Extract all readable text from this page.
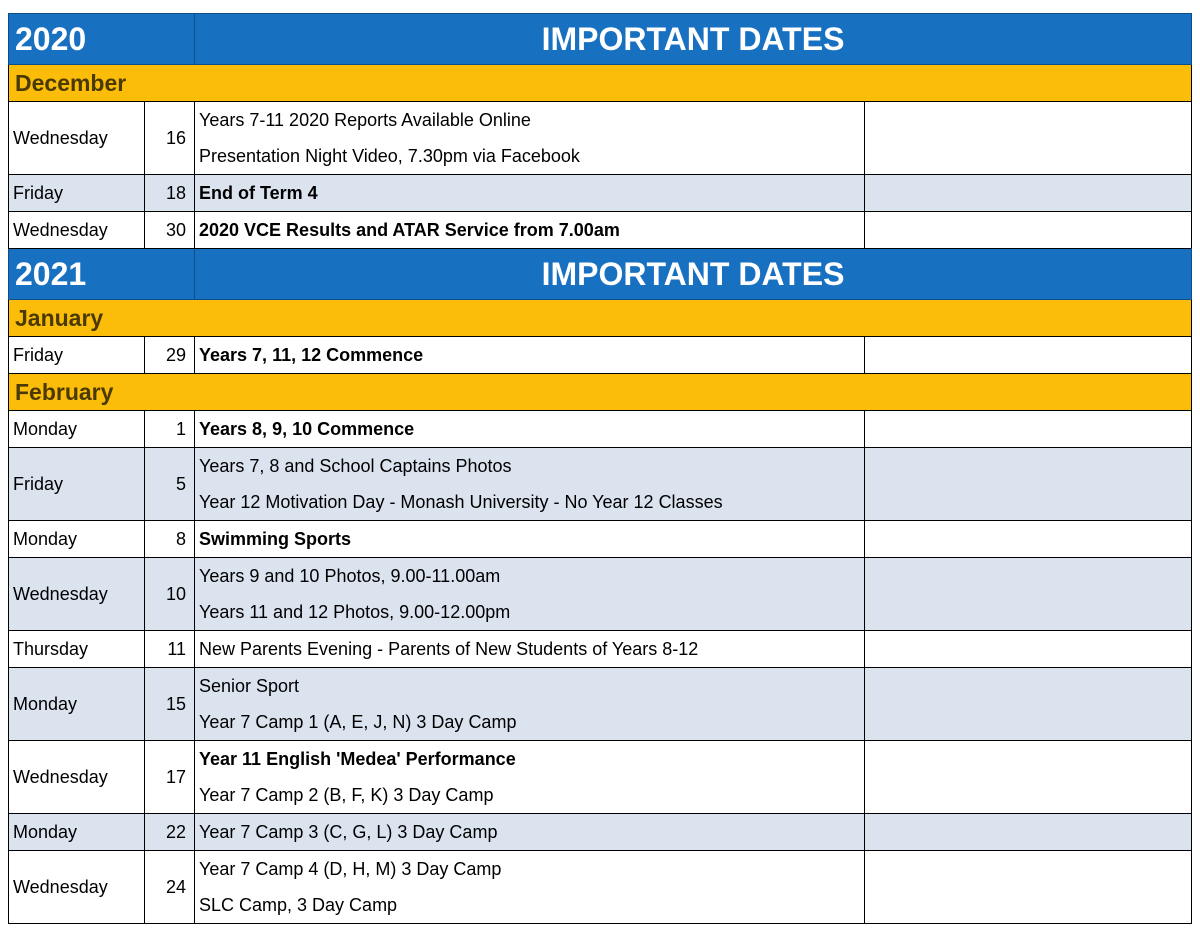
2020		IMPORTANT DATES	
December				
Wednesday	16	Years 7-11 2020 Reports Available Online
Presentation Night Video, 7.30pm via Facebook		

Friday	18	End of Term 4		

Wednesday	30	2020 VCE Results and ATAR Service from 7.00am		

2021		IMPORTANT DATES	
January				
Friday	29	Years 7, 11, 12 Commence		

February				
Monday	1	Years 8, 9, 10 Commence		

Friday	5	Years 7, 8 and School Captains Photos
Year 12 Motivation Day - Monash University - No Year 12 Classes		

Monday	8	Swimming Sports		

Wednesday	10	Years 9 and 10 Photos, 9.00-11.00am
Years 11 and 12 Photos, 9.00-12.00pm		

Thursday	11	New Parents Evening - Parents of New Students of Years 8-12		

Monday	15	Senior Sport
Year 7 Camp 1 (A, E, J, N) 3 Day Camp		

Wednesday	17	Year 11 English 'Medea' Performance
Year 7 Camp 2 (B, F, K) 3 Day Camp		

Monday	22	Year 7 Camp 3 (C, G, L) 3 Day Camp		

Wednesday	24	Year 7 Camp 4 (D, H, M) 3 Day Camp
SLC Camp, 3 Day Camp		
